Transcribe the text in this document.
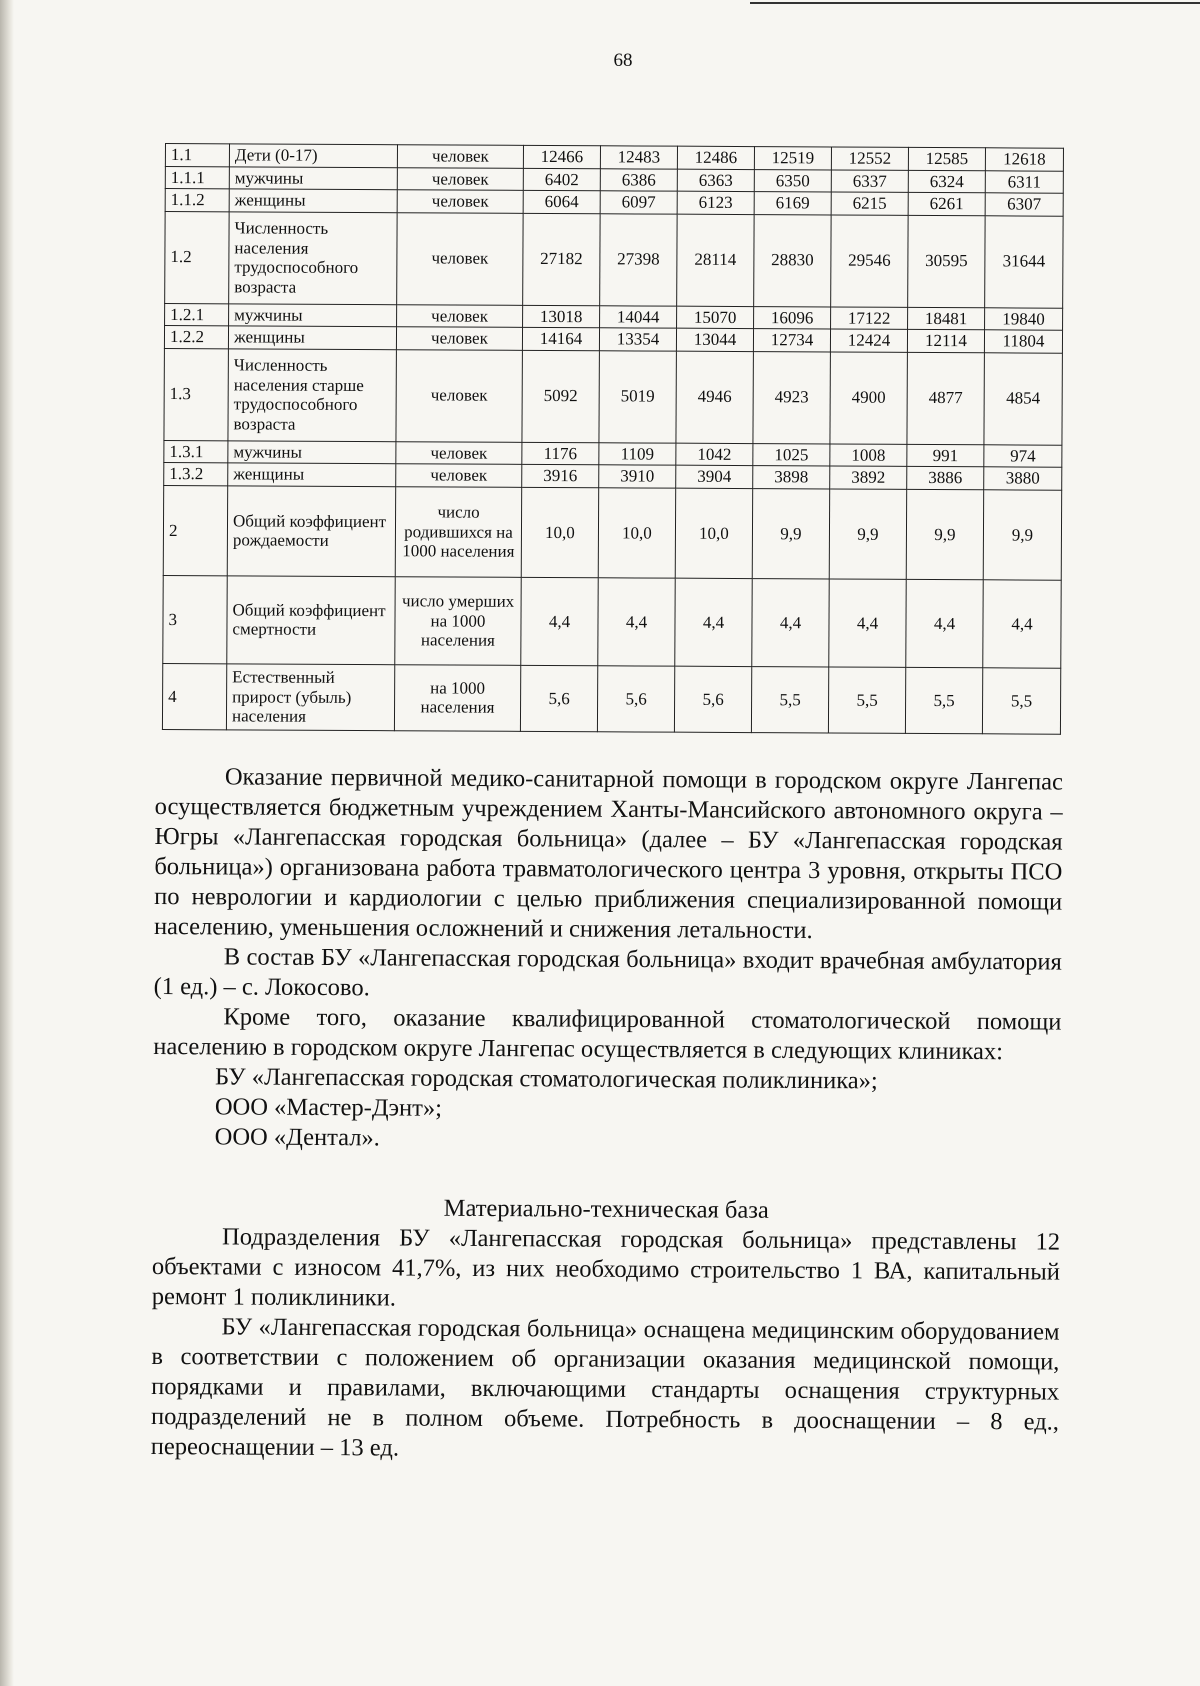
68
1.1	Дети (0-17)	человек	12466	12483	12486	12519	12552	12585	12618
1.1.1	мужчины	человек	6402	6386	6363	6350	6337	6324	6311
1.1.2	женщины	человек	6064	6097	6123	6169	6215	6261	6307
1.2	Численность населения трудоспособного возраста	человек	27182	27398	28114	28830	29546	30595	31644
1.2.1	мужчины	человек	13018	14044	15070	16096	17122	18481	19840
1.2.2	женщины	человек	14164	13354	13044	12734	12424	12114	11804
1.3	Численность населения старше трудоспособного возраста	человек	5092	5019	4946	4923	4900	4877	4854
1.3.1	мужчины	человек	1176	1109	1042	1025	1008	991	974
1.3.2	женщины	человек	3916	3910	3904	3898	3892	3886	3880
2	Общий коэффициент рождаемости	число родившихся на 1000 населения	10,0	10,0	10,0	9,9	9,9	9,9	9,9
3	Общий коэффициент смертности	число умерших на 1000 населения	4,4	4,4	4,4	4,4	4,4	4,4	4,4
4	Естественный прирост (убыль) населения	на 1000 населения	5,6	5,6	5,6	5,5	5,5	5,5	5,5

Оказание первичной медико-санитарной помощи в городском округе Лангепас осуществляется бюджетным учреждением Ханты-Мансийского автономного округа – Югры «Лангепасская городская больница» (далее – БУ «Лангепасская городская больница») организована работа травматологического центра 3 уровня, открыты ПСО по неврологии и кардиологии с целью приближения специализированной помощи населению, уменьшения осложнений и снижения летальности.

В состав БУ «Лангепасская городская больница» входит врачебная амбулатория (1 ед.) – с. Локосово.

Кроме того, оказание квалифицированной стоматологической помощи населению в городском округе Лангепас осуществляется в следующих клиниках:

БУ «Лангепасская городская стоматологическая поликлиника»;

ООО «Мастер-Дэнт»;

ООО «Дентал».

Материально-техническая база

Подразделения БУ «Лангепасская городская больница» представлены 12 объектами с износом 41,7%, из них необходимо строительство 1 ВА, капитальный ремонт 1 поликлиники.

БУ «Лангепасская городская больница» оснащена медицинским оборудованием в соответствии с положением об организации оказания медицинской помощи, порядками и правилами, включающими стандарты оснащения структурных подразделений не в полном объеме. Потребность в дооснащении – 8 ед., переоснащении – 13 ед.
